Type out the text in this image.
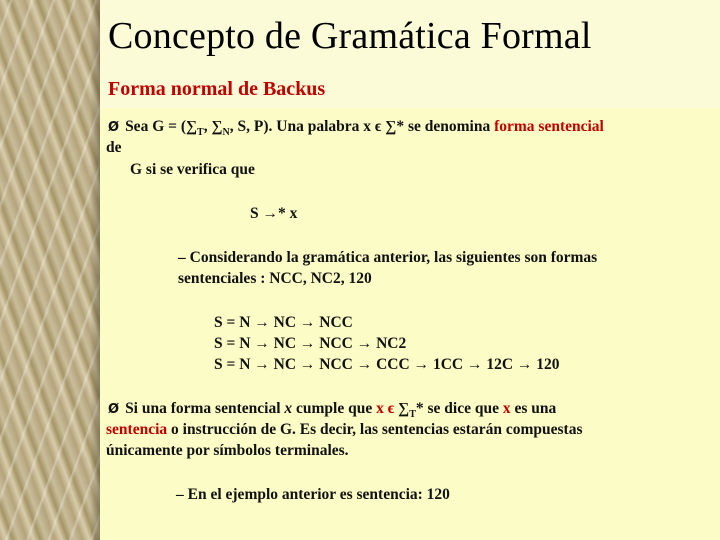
Concepto de Gramática Formal
Forma normal de Backus

Ø Sea $G = (\sum_T$, $\sum_N$, S, P). Una palabra x ϵ ∑* se denomina forma sentencial

de

G si se verifica que

S →* x

– Considerando la gramática anterior, las siguientes son formas

sentenciales : NCC, NC2, 120

S = N → NC → NCC

S = N → NC → NCC → NC2

S = N → NC → NCC → CCC → 1CC → 12C → 120

Ø Si una forma sentencial x cumple que x ϵ $\sum_T*$ se dice que x es una

sentencia o instrucción de G. Es decir, las sentencias estarán compuestas

únicamente por símbolos terminales.

– En el ejemplo anterior es sentencia: 120
